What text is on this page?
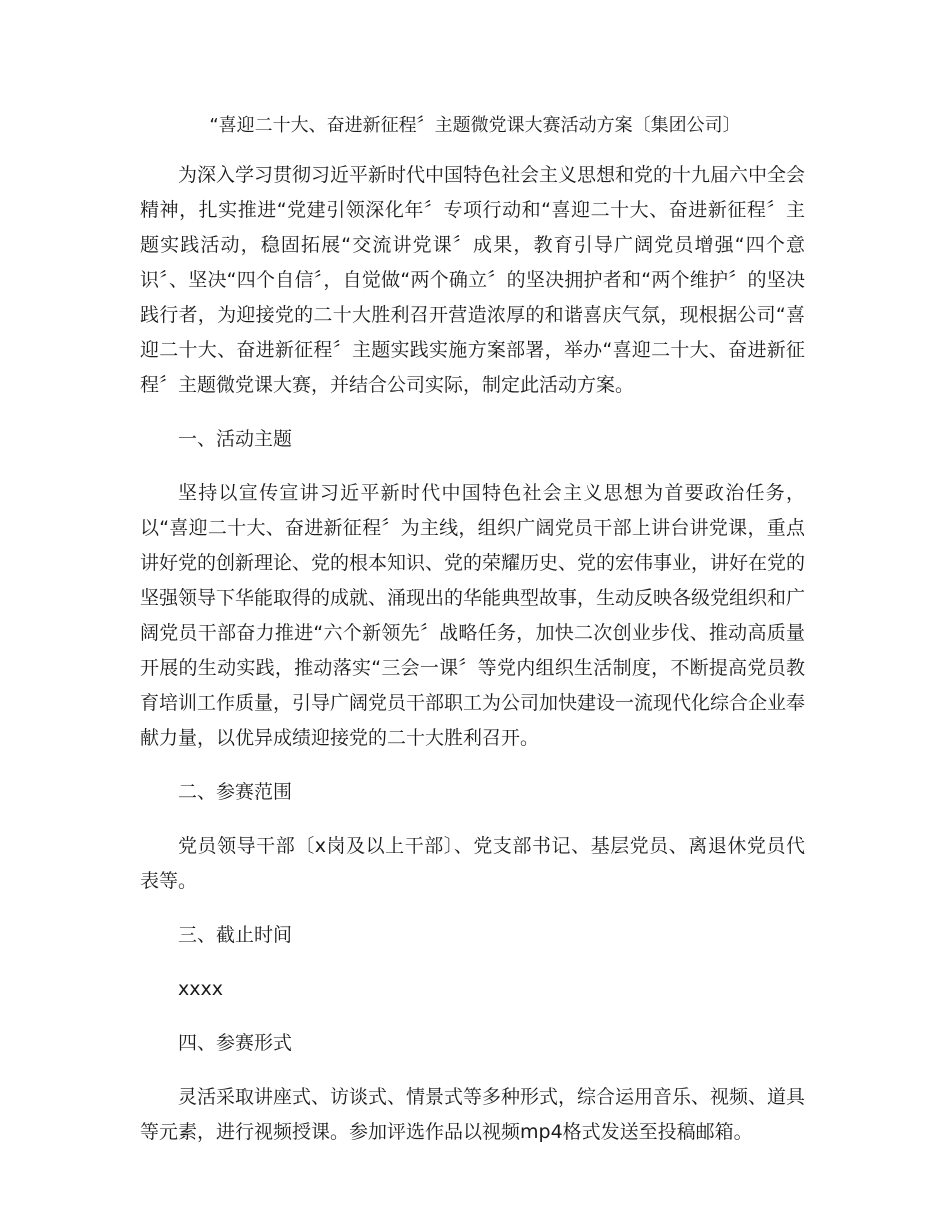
“喜迎二十大、奋进新征程〞主题微党课大赛活动方案〔集团公司〕

为深入学习贯彻习近平新时代中国特色社会主义思想和党的十九届六中全会精神，扎实推进“党建引领深化年〞专项行动和“喜迎二十大、奋进新征程〞主题实践活动，稳固拓展“交流讲党课〞成果，教育引导广阔党员增强“四个意识〞、坚决“四个自信〞，自觉做“两个确立〞的坚决拥护者和“两个维护〞的坚决践行者，为迎接党的二十大胜利召开营造浓厚的和谐喜庆气氛，现根据公司“喜迎二十大、奋进新征程〞主题实践实施方案部署，举办“喜迎二十大、奋进新征程〞主题微党课大赛，并结合公司实际，制定此活动方案。

一、活动主题

坚持以宣传宣讲习近平新时代中国特色社会主义思想为首要政治任务，以“喜迎二十大、奋进新征程〞为主线，组织广阔党员干部上讲台讲党课，重点讲好党的创新理论、党的根本知识、党的荣耀历史、党的宏伟事业，讲好在党的坚强领导下华能取得的成就、涌现出的华能典型故事，生动反映各级党组织和广阔党员干部奋力推进“六个新领先〞战略任务，加快二次创业步伐、推动高质量开展的生动实践，推动落实“三会一课〞等党内组织生活制度，不断提高党员教育培训工作质量，引导广阔党员干部职工为公司加快建设一流现代化综合企业奉献力量，以优异成绩迎接党的二十大胜利召开。

二、参赛范围

党员领导干部〔x岗及以上干部〕、党支部书记、基层党员、离退休党员代表等。

三、截止时间

xxxx

四、参赛形式

灵活采取讲座式、访谈式、情景式等多种形式，综合运用音乐、视频、道具等元素，进行视频授课。参加评选作品以视频mp4格式发送至投稿邮箱。
